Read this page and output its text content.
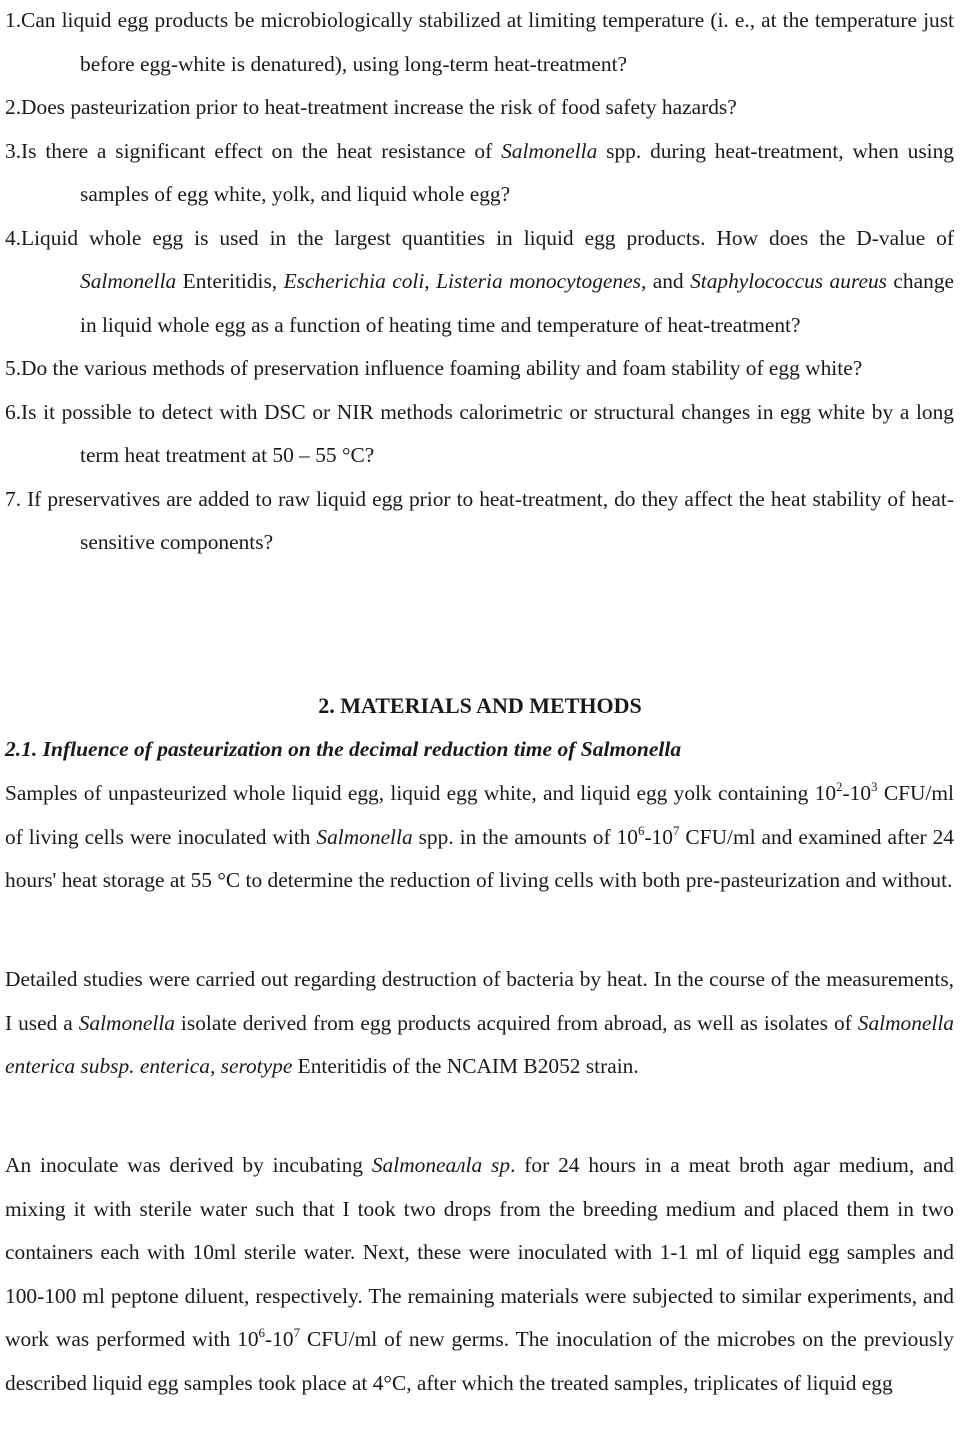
1.Can liquid egg products be microbiologically stabilized at limiting temperature (i. e., at the temperature just before egg-white is denatured), using long-term heat-treatment?
2.Does pasteurization prior to heat-treatment increase the risk of food safety hazards?
3.Is there a significant effect on the heat resistance of Salmonella spp. during heat-treatment, when using samples of egg white, yolk, and liquid whole egg?
4.Liquid whole egg is used in the largest quantities in liquid egg products. How does the D-value of Salmonella Enteritidis, Escherichia coli, Listeria monocytogenes, and Staphylococcus aureus change in liquid whole egg as a function of heating time and temperature of heat-treatment?
5.Do the various methods of preservation influence foaming ability and foam stability of egg white?
6.Is it possible to detect with DSC or NIR methods calorimetric or structural changes in egg white by a long term heat treatment at 50 – 55 °C?
7. If preservatives are added to raw liquid egg prior to heat-treatment, do they affect the heat stability of heat-sensitive components?
2. MATERIALS AND METHODS
2.1. Influence of pasteurization on the decimal reduction time of Salmonella

Samples of unpasteurized whole liquid egg, liquid egg white, and liquid egg yolk containing $10^2-10^3$ CFU/ml of living cells were inoculated with Salmonella spp. in the amounts of $10^6-10^7$ CFU/ml and examined after 24 hours' heat storage at 55 °C to determine the reduction of living cells with both pre-pasteurization and without.

Detailed studies were carried out regarding destruction of bacteria by heat. In the course of the measurements, I used a Salmonella isolate derived from egg products acquired from abroad, as well as isolates of Salmonella enterica subsp. enterica, serotype Enteritidis of the NCAIM B2052 strain.

An inoculate was derived by incubating Salmoneалla sp. for 24 hours in a meat broth agar medium, and mixing it with sterile water such that I took two drops from the breeding medium and placed them in two containers each with 10ml sterile water. Next, these were inoculated with 1-1 ml of liquid egg samples and 100-100 ml peptone diluent, respectively. The remaining materials were subjected to similar experiments, and work was performed with $10^6-10^7$ CFU/ml of new germs. The inoculation of the microbes on the previously described liquid egg samples took place at 4°C, after which the treated samples, triplicates of liquid egg
